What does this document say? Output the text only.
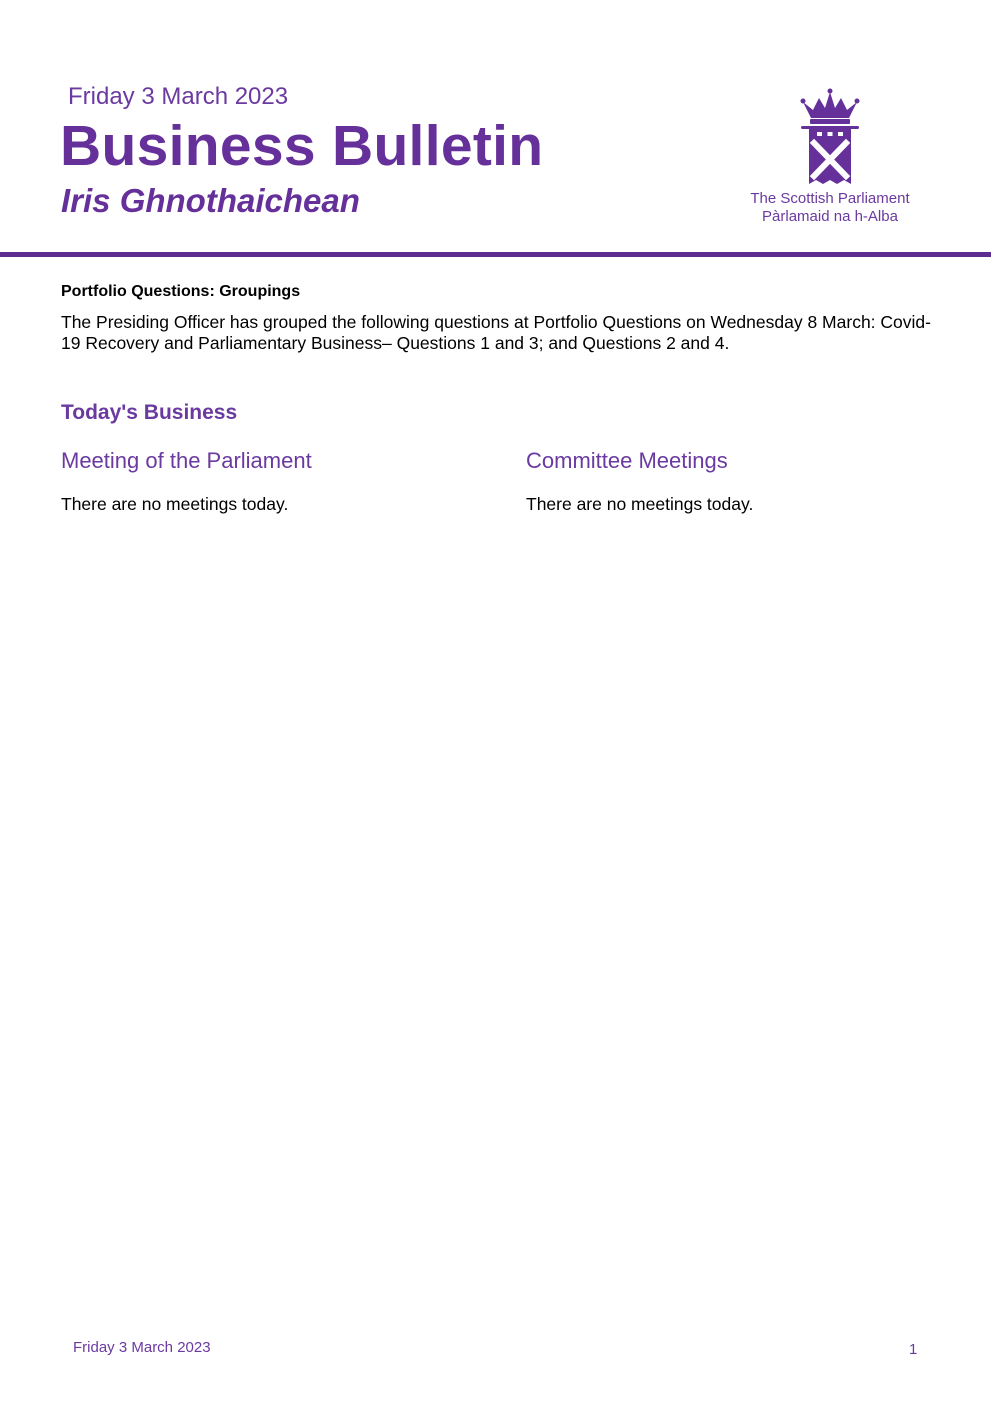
Friday 3 March 2023
Business Bulletin
Iris Ghnothaichean	The Scottish Parliament
Pàrlamaid na h-Alba
Portfolio Questions: Groupings
The Presiding Officer has grouped the following questions at Portfolio Questions on Wednesday 8 March: Covid-19 Recovery and Parliamentary Business– Questions 1 and 3; and Questions 2 and 4.
Today's Business
Meeting of the Parliament
There are no meetings today.
Committee Meetings
There are no meetings today.
Friday 3 March 2023	1
